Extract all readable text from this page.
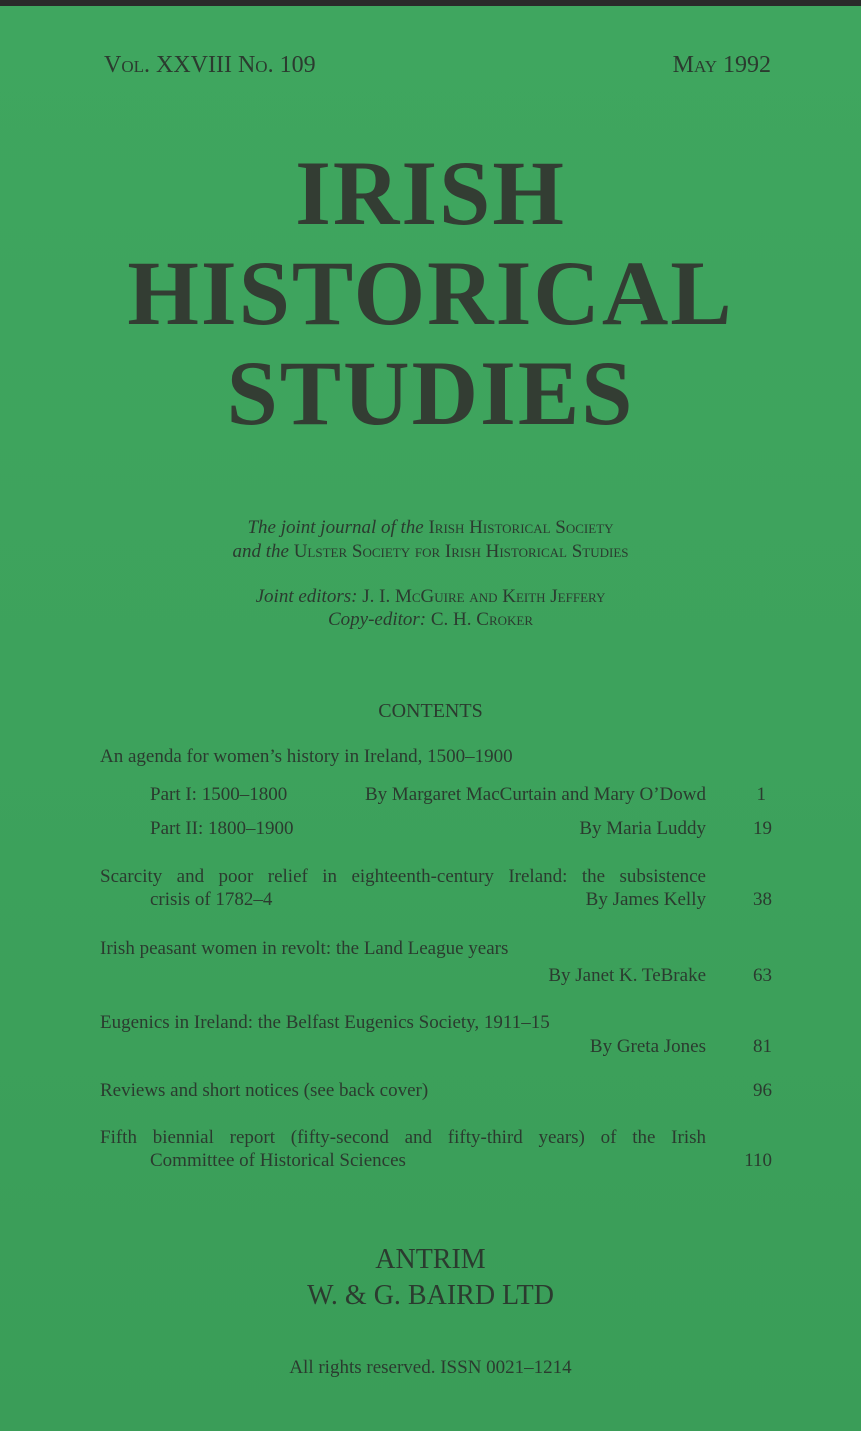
Vol. XXVIII No. 109	May 1992
IRISH
HISTORICAL
STUDIES
The joint journal of the Irish Historical Society
and the Ulster Society for Irish Historical Studies
Joint editors: J. I. McGuire and Keith Jeffery
Copy-editor: C. H. Croker
CONTENTS
An agenda for women’s history in Ireland, 1500–1900
Part I: 1500–1800	By Margaret MacCurtain and Mary O’Dowd	1
Part II: 1800–1900	By Maria Luddy 19
Scarcity and poor relief in eighteenth-century Ireland: the subsistence
crisis of 1782–4	By James Kelly 38
Irish peasant women in revolt: the Land League years
By Janet K. TeBrake 63
Eugenics in Ireland: the Belfast Eugenics Society, 1911–15
By Greta Jones 81
Reviews and short notices (see back cover)	96
Fifth biennial report (fifty-second and fifty-third years) of the Irish
Committee of Historical Sciences	110
ANTRIM
W. & G. BAIRD LTD
All rights reserved. ISSN 0021–1214
